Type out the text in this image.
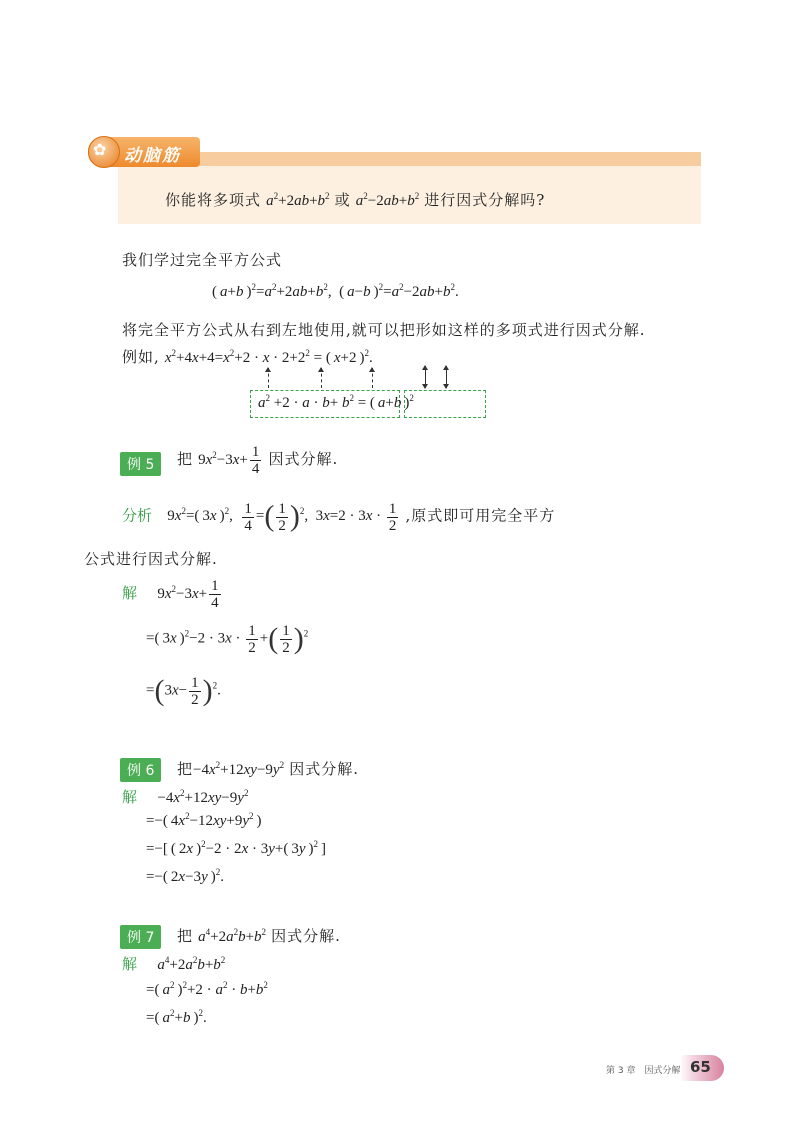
✿ 动脑筋
你能将多项式 $a^2+2ab+b^2$ 或 $a^2-2ab+b^2$ 进行因式分解吗?
我们学过完全平方公式
( a+b )$^2=a^2+2ab+b^2$,  ( a−b )$^2=a^2-2ab+b^2$.
将完全平方公式从右到左地使用,就可以把形如这样的多项式进行因式分解.
例如, $x^2+4x+4=x^2+2 \cdot x \cdot 2+2^2$ = ( x+2 )$^2$.
$a^2 +2 \cdot a \cdot b+ b^2$ = ( a+b )$^2$
例 5	把 $9x^2-3x+ \frac{1}{4}$ 因式分解.
分析 $9x^2=$( 3x )$^2$, $\frac{1}{4}$ =( $\frac{1}{2} )^2$,  $3x=2 \cdot 3x \cdot \frac{1}{2}$ ,原式即可用完全平方
公式进行因式分解.
解 $9x^2-3x+ \frac{1}{4}$
=( 3x )$^2-2 \cdot 3x \cdot \frac{1}{2}$ +( $\frac{1}{2} )^2$
$=(3x- \frac{1}{2} )^2$.
例 6	把$-4x^2+12xy-9y^2$ 因式分解.
解 $-4x^2+12xy-9y^2$
=−( $4x^2-12xy+9y^2$ )
=−[ ( 2x )$^2$−2 · 2x · 3y+( 3y )$^2$ ]
=−( 2x−3y )$^2$.
例 7	把 $a^4+2a^2b+b^2$ 因式分解.
解 $a^4+2a^2b+b^2$
=( $a^2$ )$^2+2 \cdot a^2 \cdot b+b^2$
=( $a^2+b$ )$^2$.
第 3 章　因式分解 65
